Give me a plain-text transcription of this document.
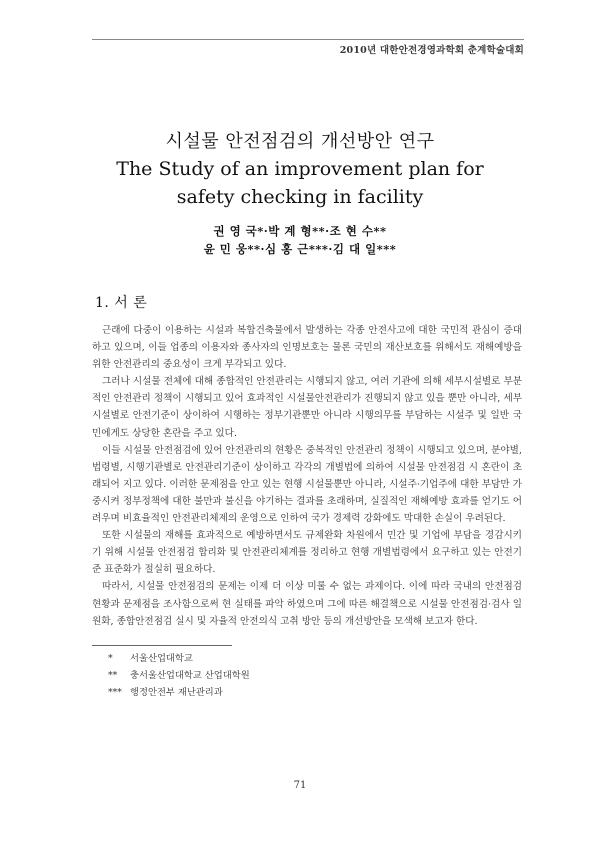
2010년 대한안전경영과학회 춘계학술대회
시설물 안전점검의 개선방안 연구
The Study of an improvement plan for
safety checking in facility
권 영 국*·박 계 형**·조 현 수**
윤 민 웅**·심 홍 근***·김 대 일***
1. 서 론

근래에 다중이 이용하는 시설과 복합건축물에서 발생하는 각종 안전사고에 대한 국민적 관심이 증대하고 있으며, 이들 업종의 이용자와 종사자의 인명보호는 물론 국민의 재산보호를 위해서도 재해예방을 위한 안전관리의 중요성이 크게 부각되고 있다.

그러나 시설물 전체에 대해 종합적인 안전관리는 시행되지 않고, 여러 기관에 의해 세부시설별로 부분적인 안전관리 정책이 시행되고 있어 효과적인 시설물안전관리가 진행되지 않고 있을 뿐만 아니라, 세부시설별로 안전기준이 상이하여 시행하는 정부기관뿐만 아니라 시행의무를 부담하는 시설주 및 일반 국민에게도 상당한 혼란을 주고 있다.

이들 시설물 안전점검에 있어 안전관리의 현황은 중복적인 안전관리 정책이 시행되고 있으며, 분야별, 법령별, 시행기관별로 안전관리기준이 상이하고 각각의 개별법에 의하여 시설물 안전점검 시 혼란이 초래되어 지고 있다. 이러한 문제점을 안고 있는 현행 시설물뿐만 아니라, 시설주·기업주에 대한 부담만 가중시켜 정부정책에 대한 불만과 불신을 야기하는 결과를 초래하며, 실질적인 재해예방 효과를 얻기도 어려우며 비효율적인 안전관리체제의 운영으로 인하여 국가 경제력 강화에도 막대한 손실이 우려된다.

또한 시설물의 재해를 효과적으로 예방하면서도 규제완화 차원에서 민간 및 기업에 부담을 경감시키기 위해 시설물 안전점검 합리화 및 안전관리체계를 정리하고 현행 개별법령에서 요구하고 있는 안전기준 표준화가 절실히 필요하다.

따라서, 시설물 안전점검의 문제는 이제 더 이상 미룰 수 없는 과제이다. 이에 따라 국내의 안전점검 현황과 문제점을 조사함으로써 현 실태를 파악 하였으며 그에 따른 해결책으로 시설물 안전점검·검사 일원화, 종합안전점검 실시 및 자율적 안전의식 고취 방안 등의 개선방안을 모색해 보고자 한다.

*	서울산업대학교
**	충서울산업대학교 산업대학원
*** 행정안전부 재난관리과
71
